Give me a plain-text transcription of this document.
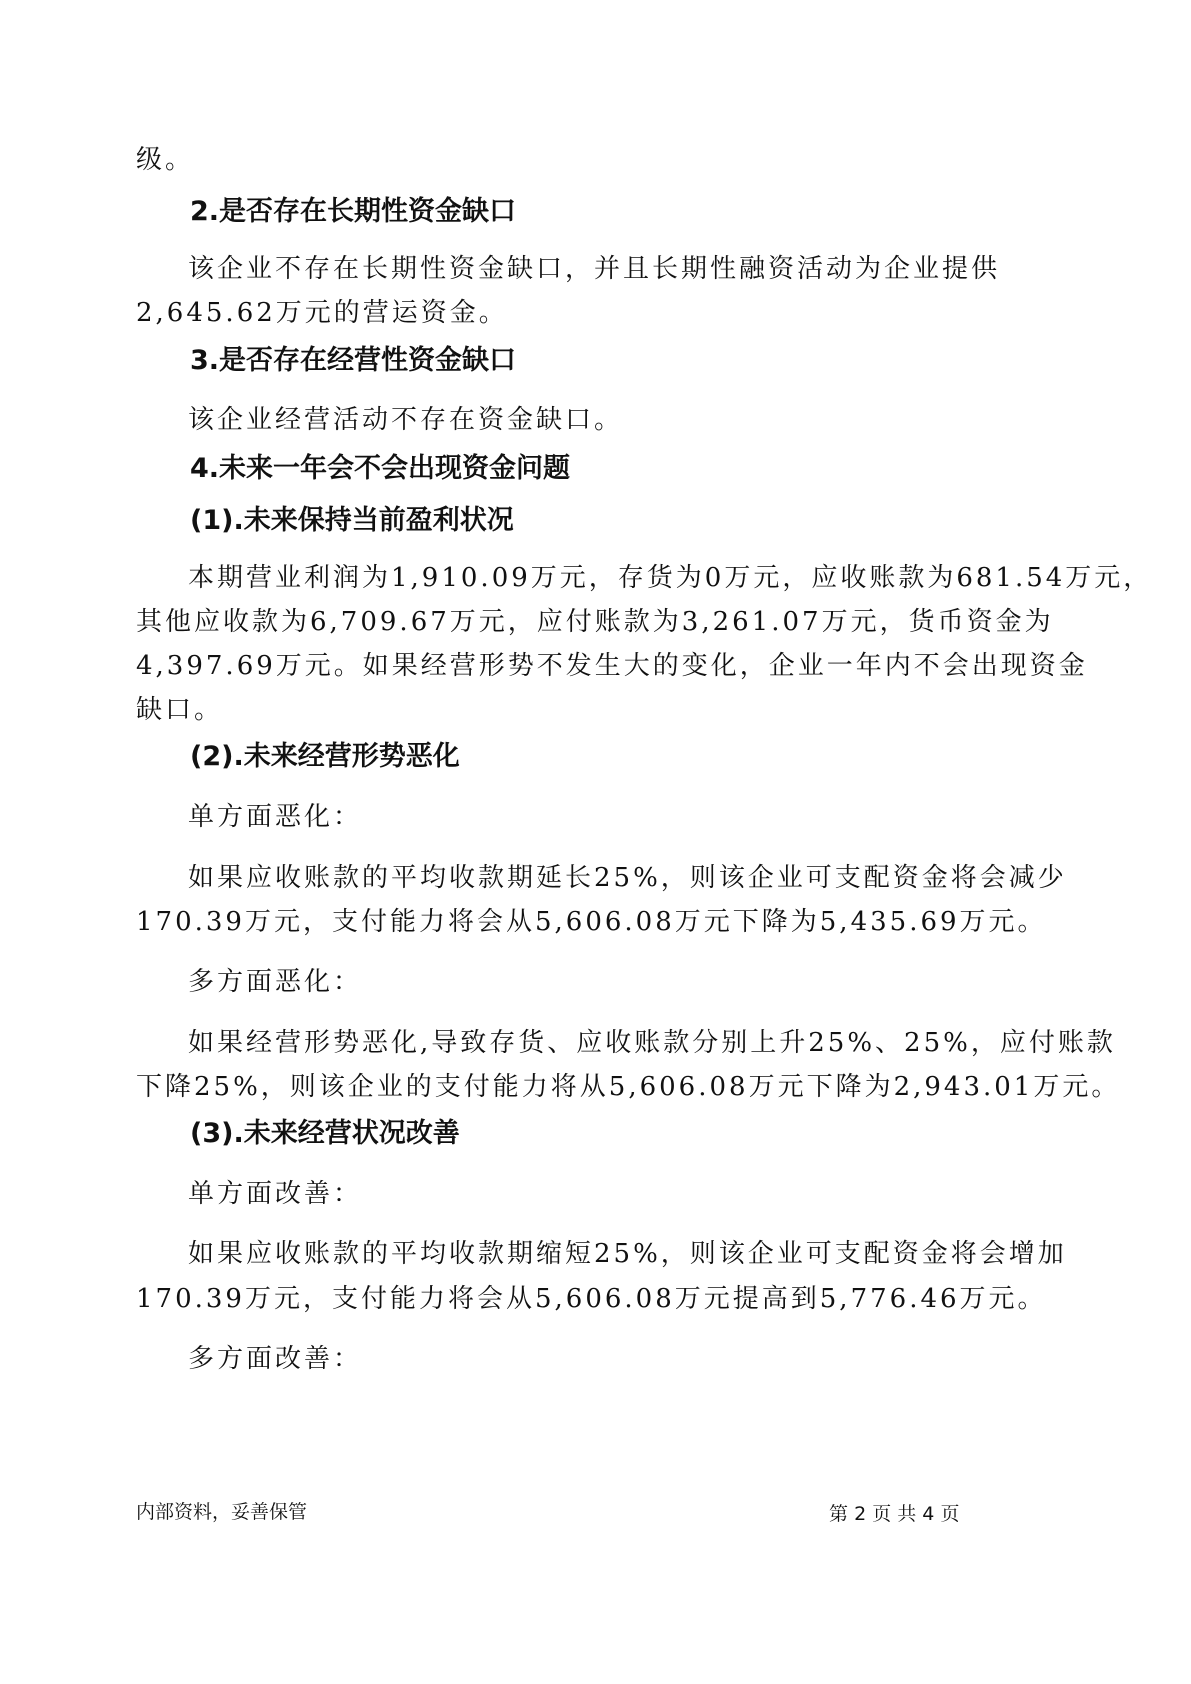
级。
2.是否存在长期性资金缺口
该企业不存在长期性资金缺口，并且长期性融资活动为企业提供
2,645.62万元的营运资金。
3.是否存在经营性资金缺口
该企业经营活动不存在资金缺口。
4.未来一年会不会出现资金问题
(1).未来保持当前盈利状况
本期营业利润为1,910.09万元，存货为0万元，应收账款为681.54万元，
其他应收款为6,709.67万元，应付账款为3,261.07万元，货币资金为
4,397.69万元。如果经营形势不发生大的变化，企业一年内不会出现资金
缺口。
(2).未来经营形势恶化
单方面恶化：
如果应收账款的平均收款期延长25%，则该企业可支配资金将会减少
170.39万元，支付能力将会从5,606.08万元下降为5,435.69万元。
多方面恶化：
如果经营形势恶化,导致存货、应收账款分别上升25%、25%，应付账款
下降25%，则该企业的支付能力将从5,606.08万元下降为2,943.01万元。
(3).未来经营状况改善
单方面改善：
如果应收账款的平均收款期缩短25%，则该企业可支配资金将会增加
170.39万元，支付能力将会从5,606.08万元提高到5,776.46万元。
多方面改善：
内部资料，妥善保管	第 2 页 共 4 页
